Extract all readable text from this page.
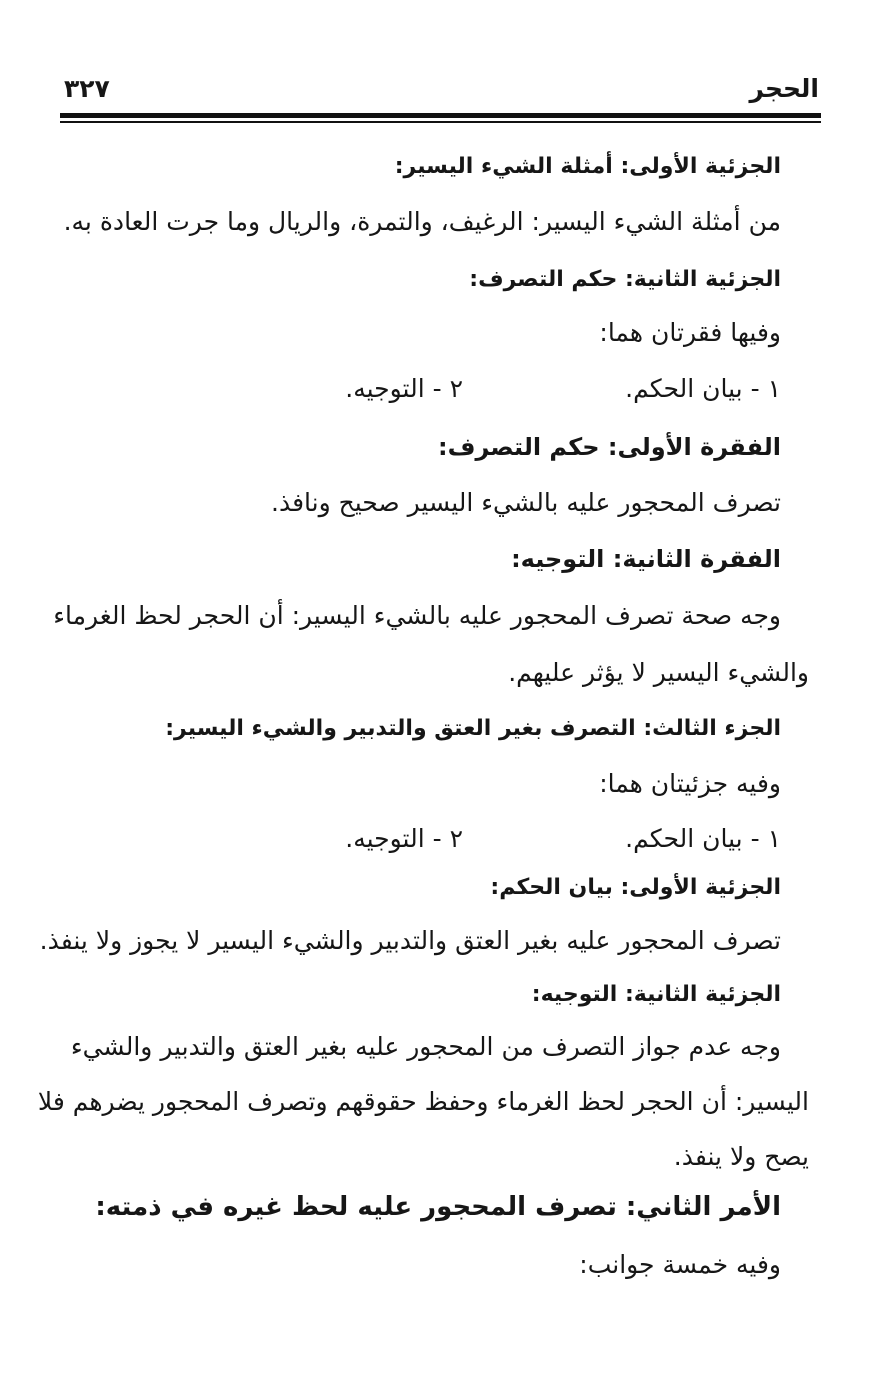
الحجر
٣٢٧
الجزئية الأولى: أمثلة الشيء اليسير:
من أمثلة الشيء اليسير: الرغيف، والتمرة، والريال وما جرت العادة به.
الجزئية الثانية: حكم التصرف:
وفيها فقرتان هما:
١ - بيان الحكم.
٢ - التوجيه.
الفقرة الأولى: حكم التصرف:
تصرف المحجور عليه بالشيء اليسير صحيح ونافذ.
الفقرة الثانية: التوجيه:
وجه صحة تصرف المحجور عليه بالشيء اليسير: أن الحجر لحظ الغرماء
والشيء اليسير لا يؤثر عليهم.
الجزء الثالث: التصرف بغير العتق والتدبير والشيء اليسير:
وفيه جزئيتان هما:
١ - بيان الحكم.
٢ - التوجيه.
الجزئية الأولى: بيان الحكم:
تصرف المحجور عليه بغير العتق والتدبير والشيء اليسير لا يجوز ولا ينفذ.
الجزئية الثانية: التوجيه:
وجه عدم جواز التصرف من المحجور عليه بغير العتق والتدبير والشيء
اليسير: أن الحجر لحظ الغرماء وحفظ حقوقهم وتصرف المحجور يضرهم فلا
يصح ولا ينفذ.
الأمر الثاني: تصرف المحجور عليه لحظ غيره في ذمته:
وفيه خمسة جوانب:
